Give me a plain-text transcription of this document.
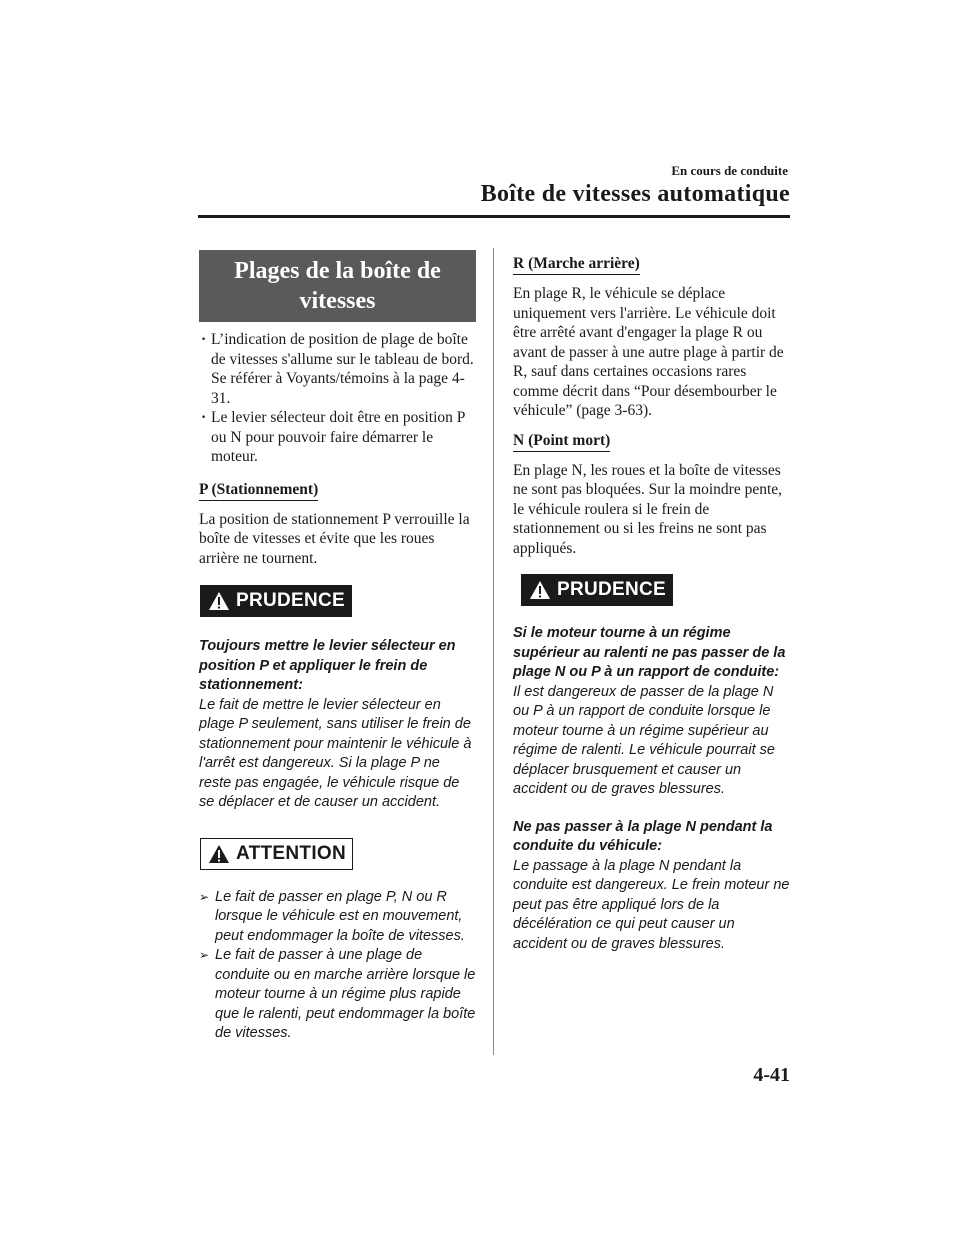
En cours de conduite
Boîte de vitesses automatique
Plages de la boîte de vitesses
· L’indication de position de plage de boîte de vitesses s'allume sur le tableau de bord.
Se référer à Voyants/témoins à la page 4-31.
· Le levier sélecteur doit être en position P ou N pour pouvoir faire démarrer le moteur.
P (Stationnement)

La position de stationnement P verrouille la boîte de vitesses et évite que les roues arrière ne tournent.

PRUDENCE
Toujours mettre le levier sélecteur en position P et appliquer le frein de stationnement:
Le fait de mettre le levier sélecteur en plage P seulement, sans utiliser le frein de stationnement pour maintenir le véhicule à l'arrêt est dangereux. Si la plage P ne reste pas engagée, le véhicule risque de se déplacer et de causer un accident.
ATTENTION
➢ Le fait de passer en plage P, N ou R lorsque le véhicule est en mouvement, peut endommager la boîte de vitesses.
➢ Le fait de passer à une plage de conduite ou en marche arrière lorsque le moteur tourne à un régime plus rapide que le ralenti, peut endommager la boîte de vitesses.
R (Marche arrière)

En plage R, le véhicule se déplace uniquement vers l'arrière. Le véhicule doit être arrêté avant d'engager la plage R ou avant de passer à une autre plage à partir de R, sauf dans certaines occasions rares comme décrit dans “Pour désembourber le véhicule” (page 3-63).

N (Point mort)

En plage N, les roues et la boîte de vitesses ne sont pas bloquées. Sur la moindre pente, le véhicule roulera si le frein de stationnement ou si les freins ne sont pas appliqués.

PRUDENCE
Si le moteur tourne à un régime supérieur au ralenti ne pas passer de la plage N ou P à un rapport de conduite:
Il est dangereux de passer de la plage N ou P à un rapport de conduite lorsque le moteur tourne à un régime supérieur au régime de ralenti. Le véhicule pourrait se déplacer brusquement et causer un accident ou de graves blessures.
Ne pas passer à la plage N pendant la conduite du véhicule:
Le passage à la plage N pendant la conduite est dangereux. Le frein moteur ne peut pas être appliqué lors de la décélération ce qui peut causer un accident ou de graves blessures.
4-41
